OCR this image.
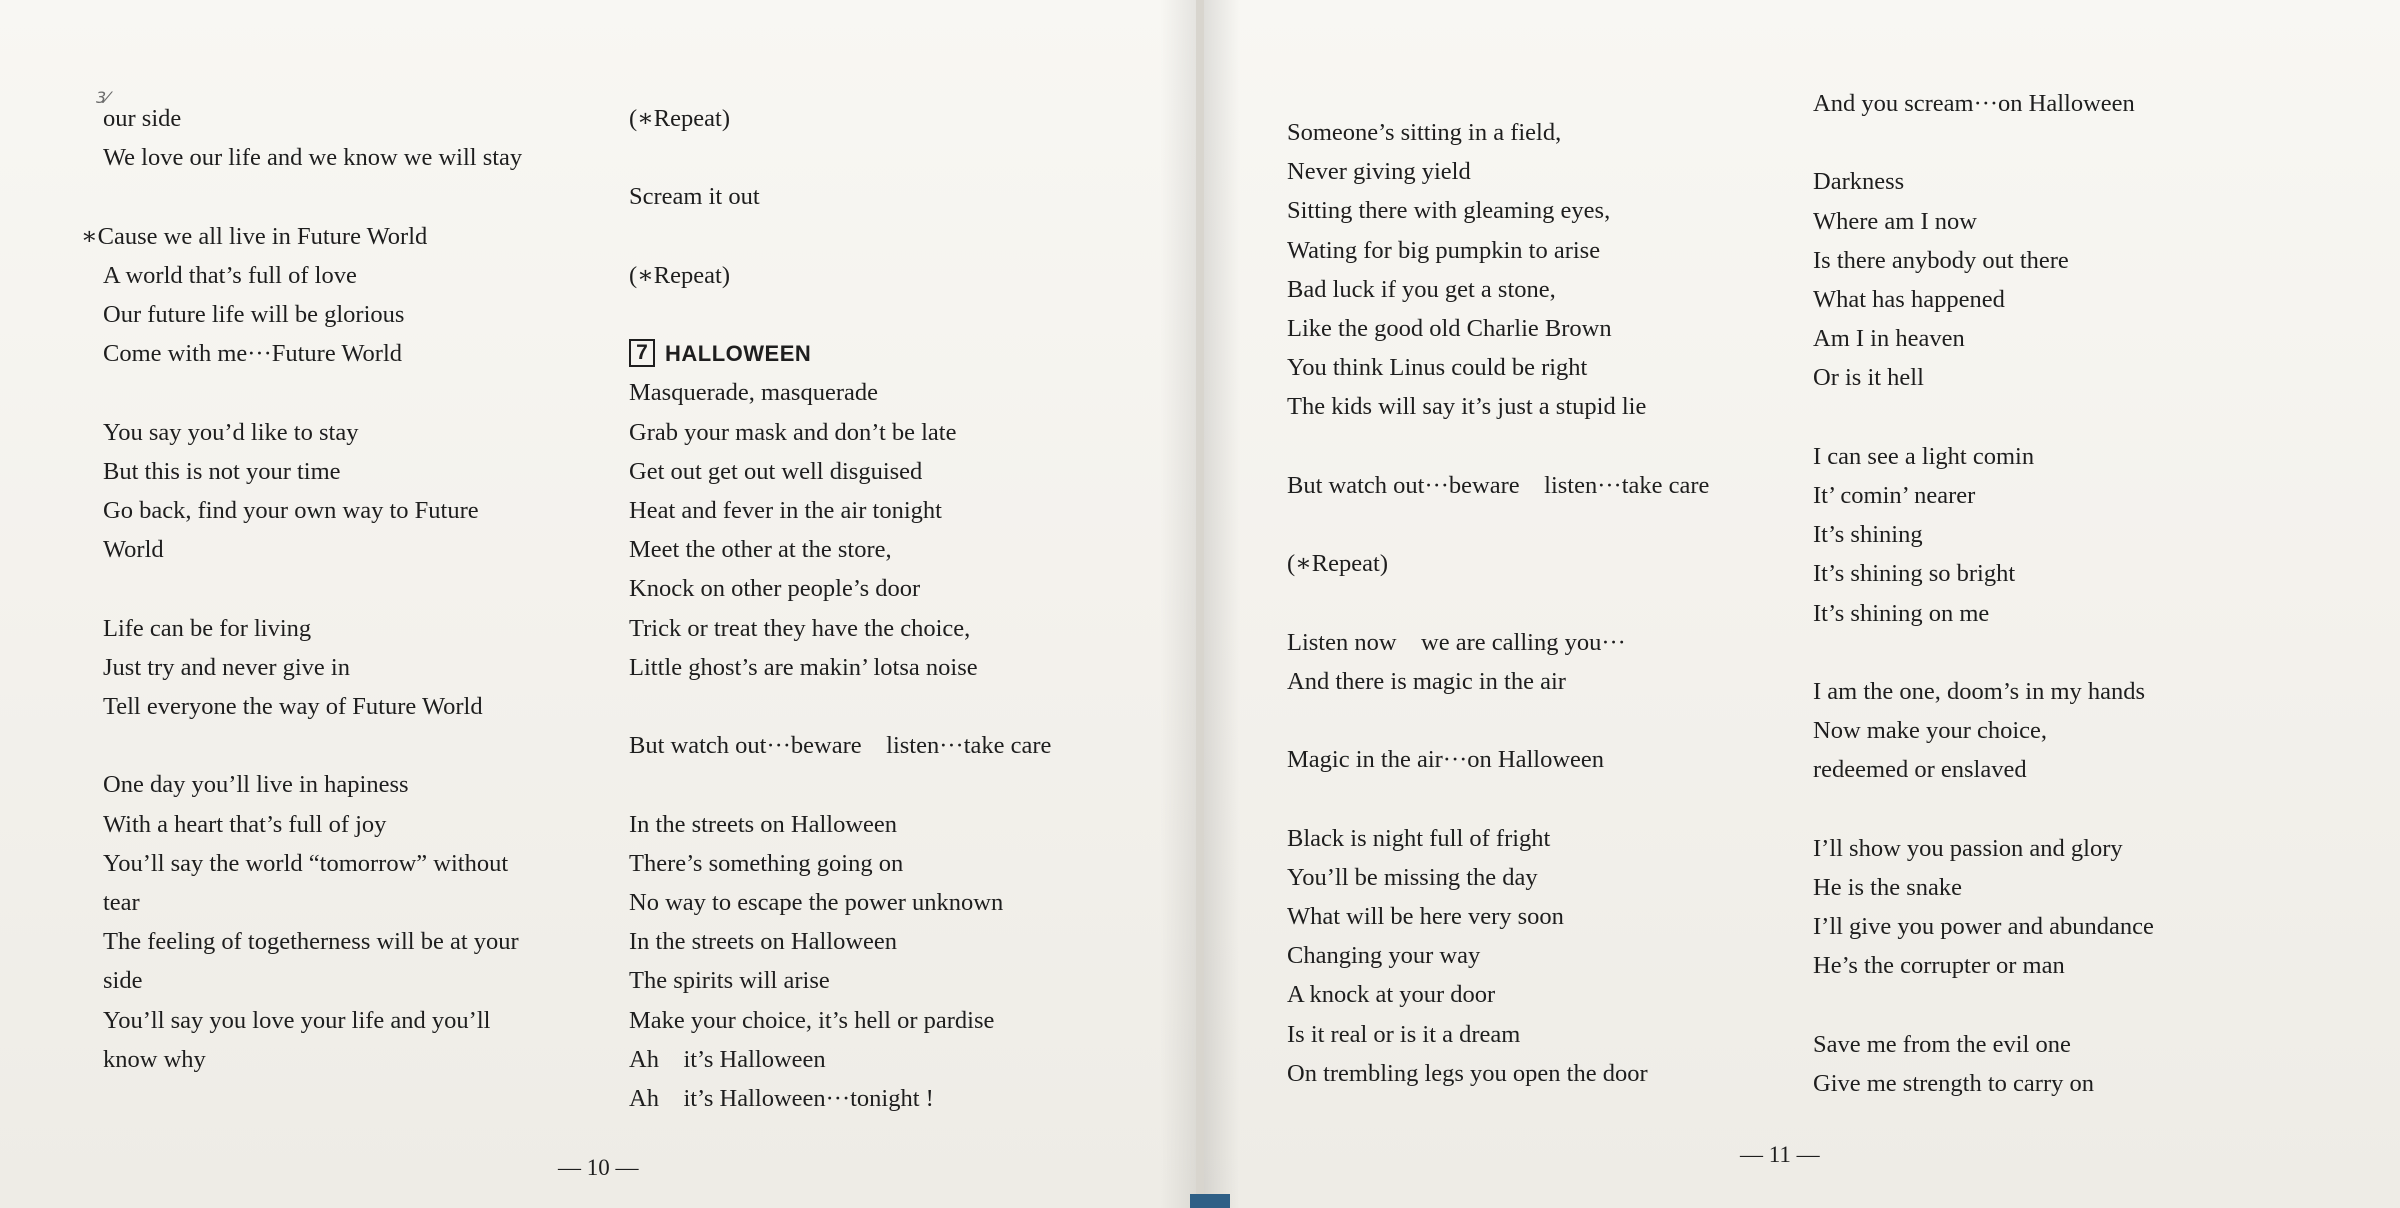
3⁄
our side
We love our life and we know we will stay
∗Cause we all live in Future World
A world that’s full of love
Our future life will be glorious
Come with me···Future World
You say you’d like to stay
But this is not your time
Go back, find your own way to Future
World
Life can be for living
Just try and never give in
Tell everyone the way of Future World
One day you’ll live in hapiness
With a heart that’s full of joy
You’ll say the world “tomorrow” without
tear
The feeling of togetherness will be at your
side
You’ll say you love your life and you’ll
know why
(∗Repeat)
Scream it out
(∗Repeat)
7 HALLOWEEN
Masquerade, masquerade
Grab your mask and don’t be late
Get out get out well disguised
Heat and fever in the air tonight
Meet the other at the store,
Knock on other people’s door
Trick or treat they have the choice,
Little ghost’s are makin’ lotsa noise
But watch out···beware listen···take care
In the streets on Halloween
There’s something going on
No way to escape the power unknown
In the streets on Halloween
The spirits will arise
Make your choice, it’s hell or pardise
Ah it’s Halloween
Ah it’s Halloween···tonight !
— 10 —
Someone’s sitting in a field,
Never giving yield
Sitting there with gleaming eyes,
Wating for big pumpkin to arise
Bad luck if you get a stone,
Like the good old Charlie Brown
You think Linus could be right
The kids will say it’s just a stupid lie
But watch out···beware listen···take care
(∗Repeat)
Listen now we are calling you···
And there is magic in the air
Magic in the air···on Halloween
Black is night full of fright
You’ll be missing the day
What will be here very soon
Changing your way
A knock at your door
Is it real or is it a dream
On trembling legs you open the door
And you scream···on Halloween
Darkness
Where am I now
Is there anybody out there
What has happened
Am I in heaven
Or is it hell
I can see a light comin
It’ comin’ nearer
It’s shining
It’s shining so bright
It’s shining on me
I am the one, doom’s in my hands
Now make your choice,
redeemed or enslaved
I’ll show you passion and glory
He is the snake
I’ll give you power and abundance
He’s the corrupter or man
Save me from the evil one
Give me strength to carry on
— 11 —
